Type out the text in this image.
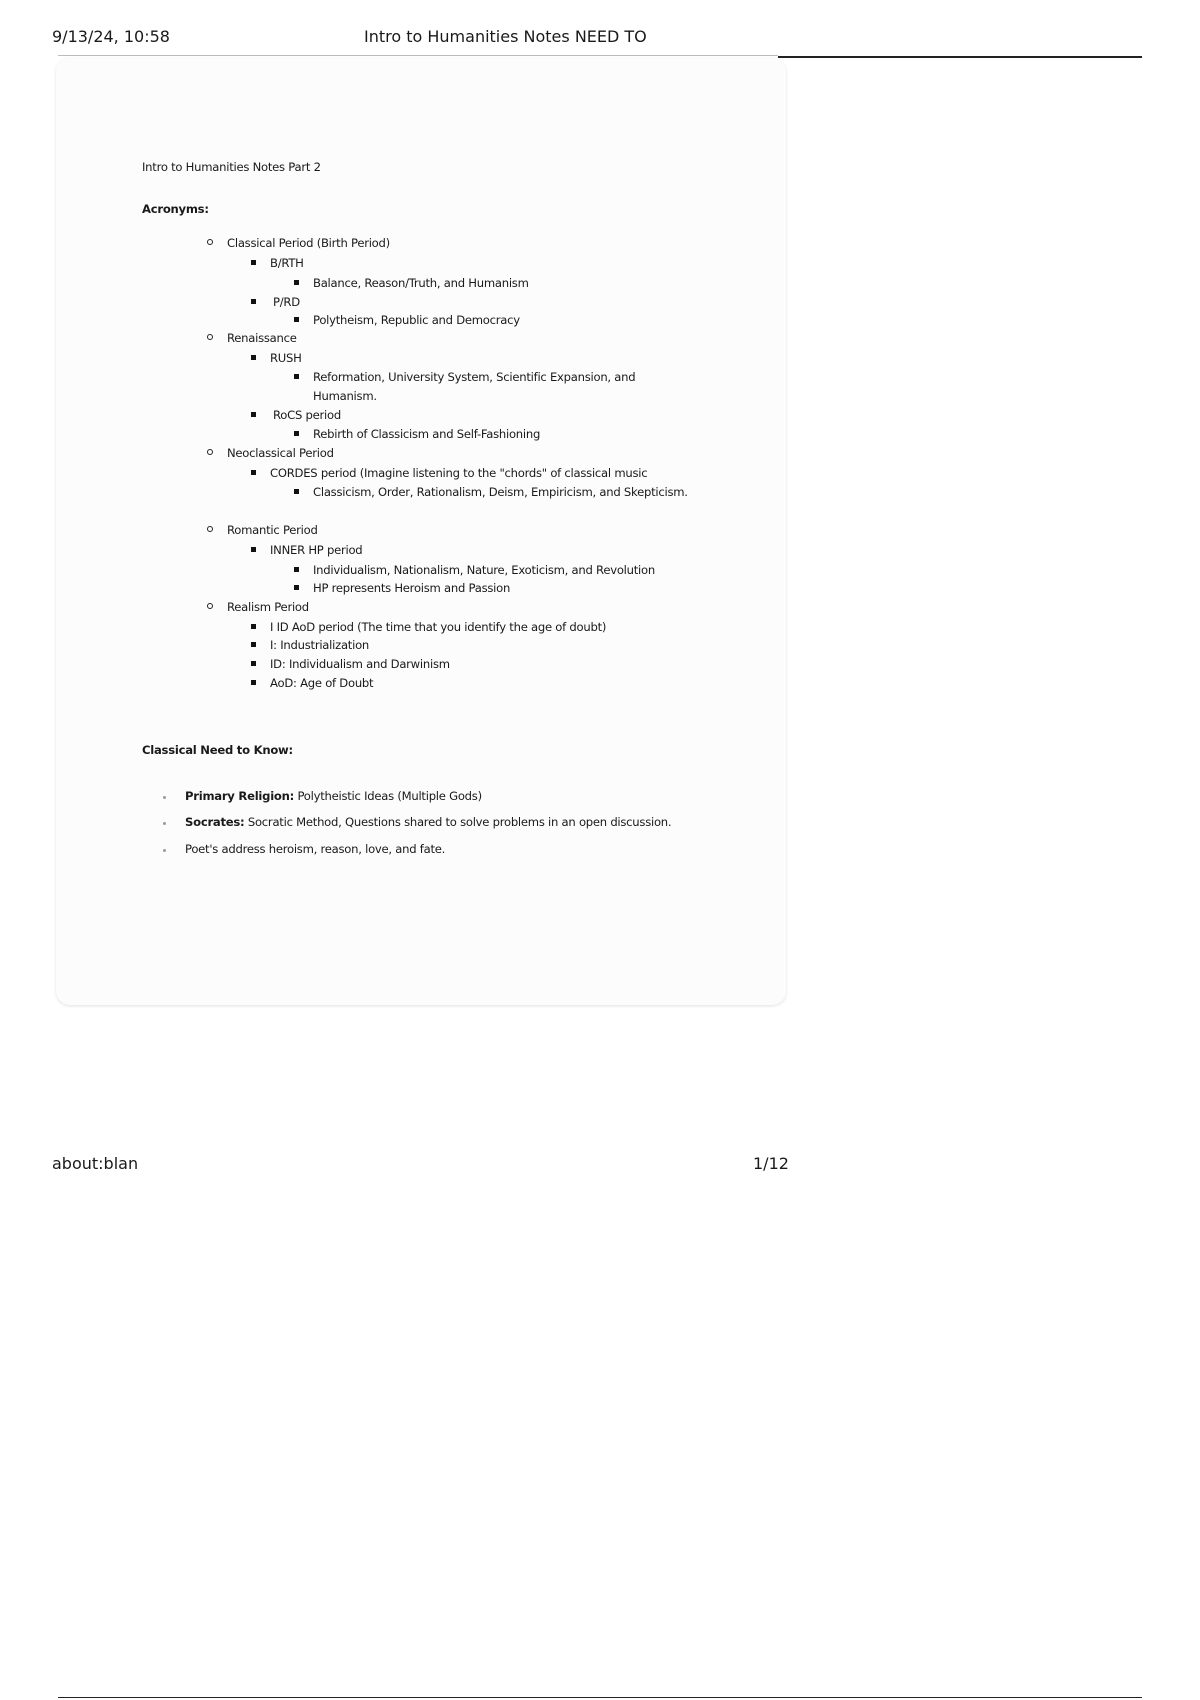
9/13/24, 10:58	Intro to Humanities Notes NEED TO
Intro to Humanities Notes Part 2
Acronyms:
Classical Period (Birth Period)
B/RTH
Balance, Reason/Truth, and Humanism
P/RD
Polytheism, Republic and Democracy
Renaissance
RUSH
Reformation, University System, Scientific Expansion, and
Humanism.
RoCS period
Rebirth of Classicism and Self-Fashioning
Neoclassical Period
CORDES period (Imagine listening to the "chords" of classical music
Classicism, Order, Rationalism, Deism, Empiricism, and Skepticism.
Romantic Period
INNER HP period
Individualism, Nationalism, Nature, Exoticism, and Revolution
HP represents Heroism and Passion
Realism Period
I ID AoD period (The time that you identify the age of doubt)
I: Industrialization
ID: Individualism and Darwinism
AoD: Age of Doubt
Classical Need to Know:
Primary Religion: Polytheistic Ideas (Multiple Gods)
Socrates: Socratic Method, Questions shared to solve problems in an open discussion.
Poet's address heroism, reason, love, and fate.
about:blan	1/12
